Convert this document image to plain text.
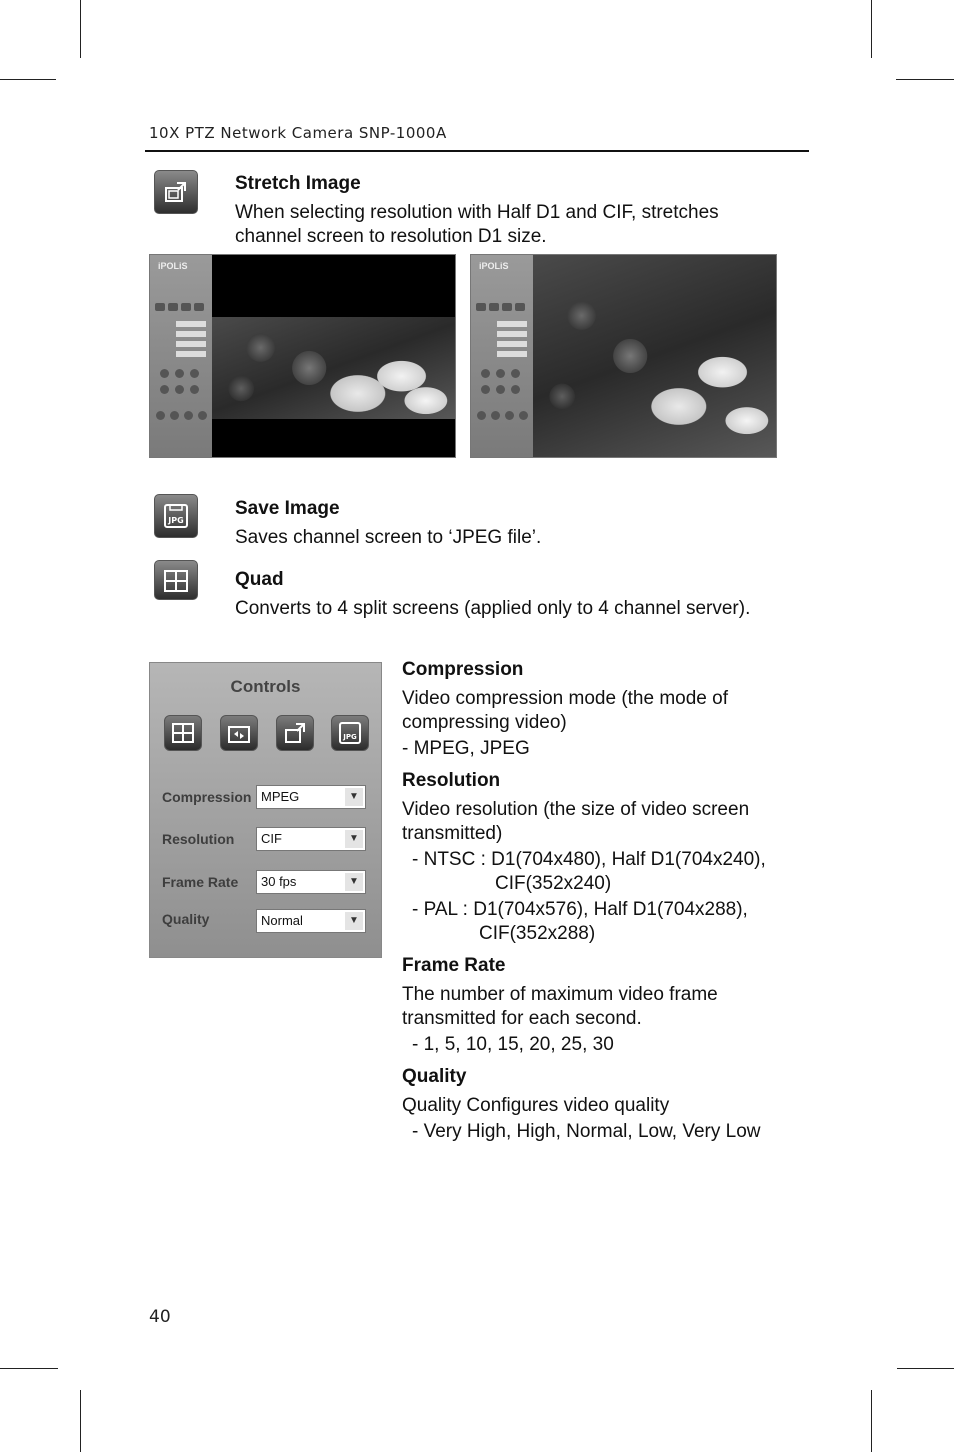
10X PTZ Network Camera SNP-1000A
Stretch Image
When selecting resolution with Half D1 and CIF, stretches
channel screen to resolution D1 size.
iPOLiS	iPOLiS
JPG
Save Image
Saves channel screen to ‘JPEG file’.
Quad
Converts to 4 split screens (applied only to 4 channel server).
Controls
JPG
Compression MPEG	▼
Resolution	CIF	▼
Frame Rate	30 fps	▼
Quality	Normal	▼
Compression
Video compression mode (the mode of
compressing video)
- MPEG, JPEG
Resolution
Video resolution (the size of video screen
transmitted)
- NTSC : D1(704x480), Half D1(704x240),
CIF(352x240)
- PAL : D1(704x576), Half D1(704x288),
CIF(352x288)
Frame Rate
The number of maximum video frame
transmitted for each second.
- 1, 5, 10, 15, 20, 25, 30
Quality
Quality Configures video quality
- Very High, High, Normal, Low, Very Low
40
